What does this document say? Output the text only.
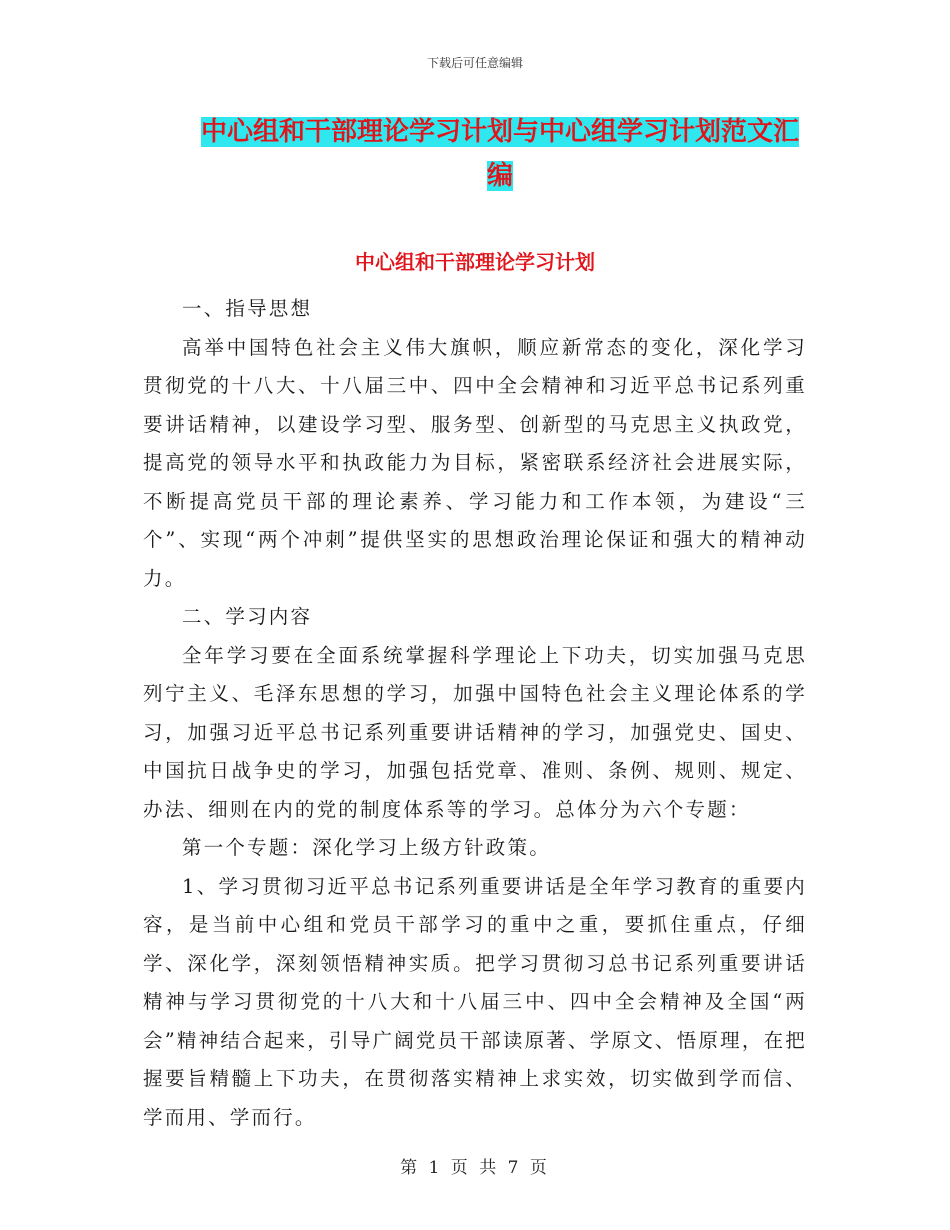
下载后可任意编辑
中心组和干部理论学习计划与中心组学习计划范文汇编
中心组和干部理论学习计划

一、指导思想

高举中国特色社会主义伟大旗帜，顺应新常态的变化，深化学习贯彻党的十八大、十八届三中、四中全会精神和习近平总书记系列重要讲话精神，以建设学习型、服务型、创新型的马克思主义执政党，提高党的领导水平和执政能力为目标，紧密联系经济社会进展实际，不断提高党员干部的理论素养、学习能力和工作本领，为建设“三个”、实现“两个冲刺”提供坚实的思想政治理论保证和强大的精神动力。

二、学习内容

全年学习要在全面系统掌握科学理论上下功夫，切实加强马克思列宁主义、毛泽东思想的学习，加强中国特色社会主义理论体系的学习，加强习近平总书记系列重要讲话精神的学习，加强党史、国史、中国抗日战争史的学习，加强包括党章、准则、条例、规则、规定、办法、细则在内的党的制度体系等的学习。总体分为六个专题：

第一个专题：深化学习上级方针政策。

1、学习贯彻习近平总书记系列重要讲话是全年学习教育的重要内容，是当前中心组和党员干部学习的重中之重，要抓住重点，仔细学、深化学，深刻领悟精神实质。把学习贯彻习总书记系列重要讲话精神与学习贯彻党的十八大和十八届三中、四中全会精神及全国“两会”精神结合起来，引导广阔党员干部读原著、学原文、悟原理，在把握要旨精髓上下功夫，在贯彻落实精神上求实效，切实做到学而信、学而用、学而行。

第 1 页 共 7 页
